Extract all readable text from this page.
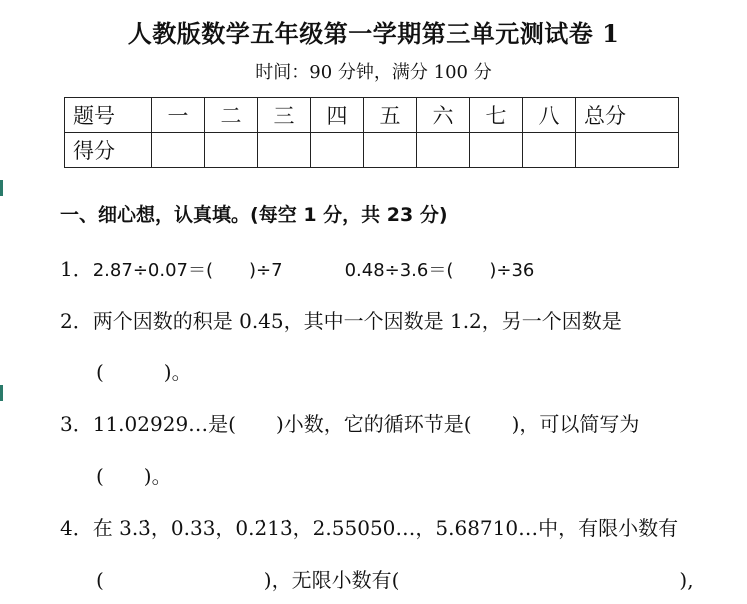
人教版数学五年级第一学期第三单元测试卷 1
时间：90 分钟，满分 100 分
题号	一	二	三	四	五	六	七	八	总分
得分									
一、细心想，认真填。(每空 1 分，共 23 分)
1．2.87÷0.07＝(　　)÷7	0.48÷3.6＝(　　)÷36
2．两个因数的积是 0.45，其中一个因数是 1.2，另一个因数是
(　　　)。
3．11.02929…是(　　)小数，它的循环节是(　　)，可以简写为
(　　)。
4．在 3.3̇，0.33，0.2̇13̇，2.55050…，5.68710…中，有限小数有
(　　　　　　　　)，无限小数有(　　　　　　　　　　　　　　),
